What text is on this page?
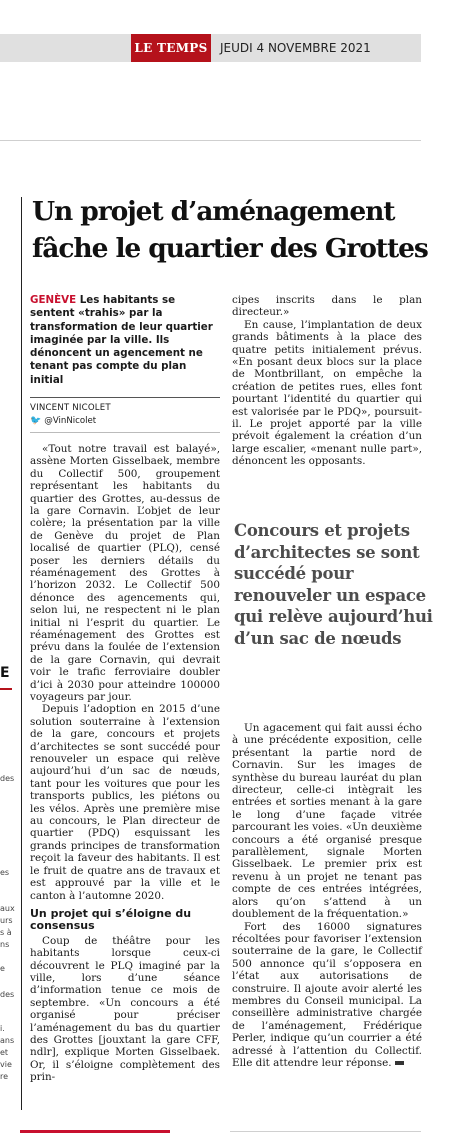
LE TEMPS JEUDI 4 NOVEMBRE 2021
E
des
es
aux
urs
s à
ns
e
des
i.
ans
et
vie
re
Un projet d’aménagement
fâche le quartier des Grottes

GENÈVE Les habitants se sentent «trahis» par la transformation de leur quartier imaginée par la ville. Ils dénoncent un agencement ne tenant pas compte du plan initial

VINCENT NICOLET
🐦 @VinNicolet

«Tout notre travail est balayé», assène Morten Gisselbaek, membre du Collectif 500, groupement représentant les habitants du quartier des Grottes, au-dessus de la gare Cornavin. L’objet de leur colère; la présentation par la ville de Genève du projet de Plan localisé de quartier (PLQ), censé poser les derniers détails du réaménagement des Grottes à l’horizon 2032. Le Collectif 500 dénonce des agencements qui, selon lui, ne respectent ni le plan initial ni l’esprit du quartier. Le réaménagement des Grottes est prévu dans la foulée de l’extension de la gare Cornavin, qui devrait voir le trafic ferroviaire doubler d’ici à 2030 pour atteindre 100000 voyageurs par jour.

Depuis l’adoption en 2015 d’une solution souterraine à l’extension de la gare, concours et projets d’architectes se sont succédé pour renouveler un espace qui relève aujourd’hui d’un sac de nœuds, tant pour les voitures que pour les transports publics, les piétons ou les vélos. Après une première mise au concours, le Plan directeur de quartier (PDQ) esquissant les grands principes de transformation reçoit la faveur des habitants. Il est le fruit de quatre ans de travaux et est approuvé par la ville et le canton à l’automne 2020.

Un projet qui s’éloigne du consensus

Coup de théâtre pour les habitants lorsque ceux-ci découvrent le PLQ imaginé par la ville, lors d’une séance d’information tenue ce mois de septembre. «Un concours a été organisé pour préciser l’aménagement du bas du quartier des Grottes [jouxtant la gare CFF, ndlr], explique Morten Gisselbaek. Or, il s’éloigne complètement des prin-

cipes inscrits dans le plan directeur.»

En cause, l’implantation de deux grands bâtiments à la place des quatre petits initialement prévus. «En posant deux blocs sur la place de Montbrillant, on empêche la création de petites rues, elles font pourtant l’identité du quartier qui est valorisée par le PDQ», poursuit-il. Le projet apporté par la ville prévoit également la création d’un large escalier, «menant nulle part», dénoncent les opposants.

Concours et projets d’architectes se sont succédé pour renouveler un espace qui relève aujourd’hui d’un sac de nœuds

Un agacement qui fait aussi écho à une précédente exposition, celle présentant la partie nord de Cornavin. Sur les images de synthèse du bureau lauréat du plan directeur, celle-ci intègrait les entrées et sorties menant à la gare le long d’une façade vitrée parcourant les voies. «Un deuxième concours a été organisé presque parallèlement, signale Morten Gisselbaek. Le premier prix est revenu à un projet ne tenant pas compte de ces entrées intégrées, alors qu’on s’attend à un doublement de la fréquentation.»

Fort des 16000 signatures récoltées pour favoriser l’extension souterraine de la gare, le Collectif 500 annonce qu’il s’opposera en l’état aux autorisations de construire. Il ajoute avoir alerté les membres du Conseil municipal. La conseillère administrative chargée de l’aménagement, Frédérique Perler, indique qu’un courrier a été adressé à l’attention du Collectif. Elle dit attendre leur réponse.
